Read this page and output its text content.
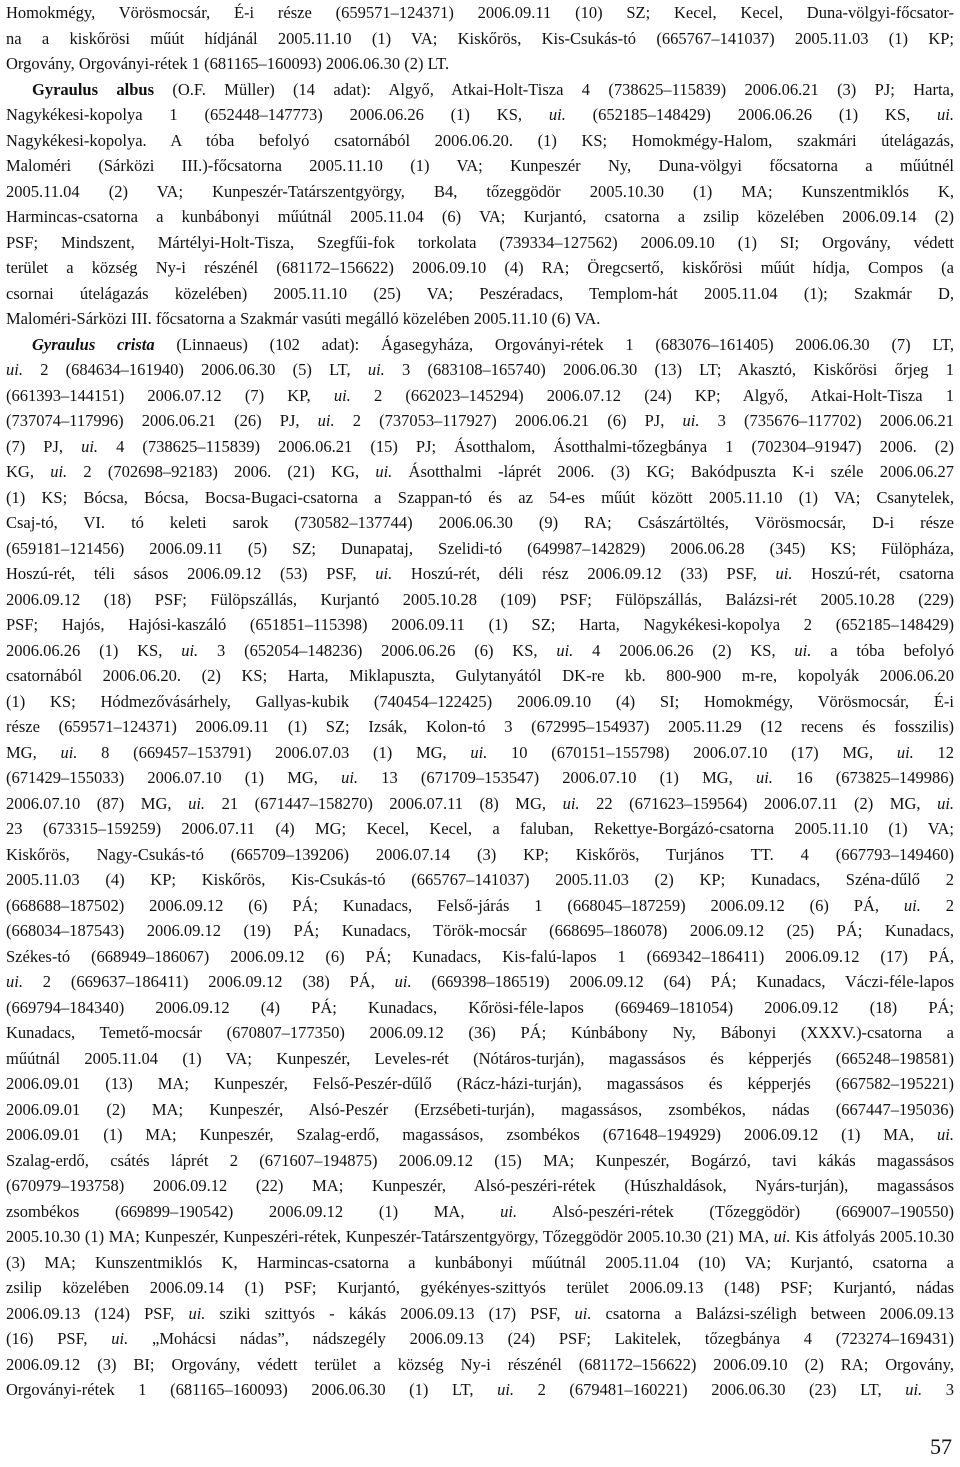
Homokmégy, Vörösmocsár, É-i része (659571–124371) 2006.09.11 (10) SZ; Kecel, Kecel, Duna-völgyi-főcsator-
na a kiskőrösi műút hídjánál 2005.11.10 (1) VA; Kiskőrös, Kis-Csukás-tó (665767–141037) 2005.11.03 (1) KP;
Orgovány, Orgoványi-rétek 1 (681165–160093) 2006.06.30 (2) LT.
Gyraulus albus (O.F. Müller) (14 adat): Algyő, Atkai-Holt-Tisza 4 (738625–115839) 2006.06.21 (3) PJ; Harta,
Nagykékesi-kopolya 1 (652448–147773) 2006.06.26 (1) KS, ui. (652185–148429) 2006.06.26 (1) KS, ui.
Nagykékesi-kopolya. A tóba befolyó csatornából 2006.06.20. (1) KS; Homokmégy-Halom, szakmári útelágazás,
Maloméri (Sárközi III.)-főcsatorna 2005.11.10 (1) VA; Kunpeszér Ny, Duna-völgyi főcsatorna a műútnél
2005.11.04 (2) VA; Kunpeszér-Tatárszentgyörgy, B4, tőzeggödör 2005.10.30 (1) MA; Kunszentmiklós K,
Harmincas-csatorna a kunbábonyi műútnál 2005.11.04 (6) VA; Kurjantó, csatorna a zsilip közelében 2006.09.14 (2)
PSF; Mindszent, Mártélyi-Holt-Tisza, Szegfűi-fok torkolata (739334–127562) 2006.09.10 (1) SI; Orgovány, védett
terület a község Ny-i részénél (681172–156622) 2006.09.10 (4) RA; Öregcsertő, kiskőrösi műút hídja, Compos (a
csornai útelágazás közelében) 2005.11.10 (25) VA; Peszéradacs, Templom-hát 2005.11.04 (1); Szakmár D,
Maloméri-Sárközi III. főcsatorna a Szakmár vasúti megálló közelében 2005.11.10 (6) VA.
Gyraulus crista (Linnaeus) (102 adat): Ágasegyháza, Orgoványi-rétek 1 (683076–161405) 2006.06.30 (7) LT,
ui. 2 (684634–161940) 2006.06.30 (5) LT, ui. 3 (683108–165740) 2006.06.30 (13) LT; Akasztó, Kiskőrösi őrjeg 1
(661393–144151) 2006.07.12 (7) KP, ui. 2 (662023–145294) 2006.07.12 (24) KP; Algyő, Atkai-Holt-Tisza 1
(737074–117996) 2006.06.21 (26) PJ, ui. 2 (737053–117927) 2006.06.21 (6) PJ, ui. 3 (735676–117702) 2006.06.21
(7) PJ, ui. 4 (738625–115839) 2006.06.21 (15) PJ; Ásotthalom, Ásotthalmi-tőzegbánya 1 (702304–91947) 2006. (2)
KG, ui. 2 (702698–92183) 2006. (21) KG, ui. Ásotthalmi -láprét 2006. (3) KG; Bakódpuszta K-i széle 2006.06.27
(1) KS; Bócsa, Bócsa, Bocsa-Bugaci-csatorna a Szappan-tó és az 54-es műút között 2005.11.10 (1) VA; Csanytelek,
Csaj-tó, VI. tó keleti sarok (730582–137744) 2006.06.30 (9) RA; Császártöltés, Vörösmocsár, D-i része
(659181–121456) 2006.09.11 (5) SZ; Dunapataj, Szelidi-tó (649987–142829) 2006.06.28 (345) KS; Fülöpháza,
Hoszú-rét, téli sásos 2006.09.12 (53) PSF, ui. Hoszú-rét, déli rész 2006.09.12 (33) PSF, ui. Hoszú-rét, csatorna
2006.09.12 (18) PSF; Fülöpszállás, Kurjantó 2005.10.28 (109) PSF; Fülöpszállás, Balázsi-rét 2005.10.28 (229)
PSF; Hajós, Hajósi-kaszáló (651851–115398) 2006.09.11 (1) SZ; Harta, Nagykékesi-kopolya 2 (652185–148429)
2006.06.26 (1) KS, ui. 3 (652054–148236) 2006.06.26 (6) KS, ui. 4 2006.06.26 (2) KS, ui. a tóba befolyó
csatornából 2006.06.20. (2) KS; Harta, Miklapuszta, Gulytanyától DK-re kb. 800-900 m-re, kopolyák 2006.06.20
(1) KS; Hódmezővásárhely, Gallyas-kubik (740454–122425) 2006.09.10 (4) SI; Homokmégy, Vörösmocsár, É-i
része (659571–124371) 2006.09.11 (1) SZ; Izsák, Kolon-tó 3 (672995–154937) 2005.11.29 (12 recens és fosszilis)
MG, ui. 8 (669457–153791) 2006.07.03 (1) MG, ui. 10 (670151–155798) 2006.07.10 (17) MG, ui. 12
(671429–155033) 2006.07.10 (1) MG, ui. 13 (671709–153547) 2006.07.10 (1) MG, ui. 16 (673825–149986)
2006.07.10 (87) MG, ui. 21 (671447–158270) 2006.07.11 (8) MG, ui. 22 (671623–159564) 2006.07.11 (2) MG, ui.
23 (673315–159259) 2006.07.11 (4) MG; Kecel, Kecel, a faluban, Rekettye-Borgázó-csatorna 2005.11.10 (1) VA;
Kiskőrös, Nagy-Csukás-tó (665709–139206) 2006.07.14 (3) KP; Kiskőrös, Turjános TT. 4 (667793–149460)
2005.11.03 (4) KP; Kiskőrös, Kis-Csukás-tó (665767–141037) 2005.11.03 (2) KP; Kunadacs, Széna-dűlő 2
(668688–187502) 2006.09.12 (6) PÁ; Kunadacs, Felső-járás 1 (668045–187259) 2006.09.12 (6) PÁ, ui. 2
(668034–187543) 2006.09.12 (19) PÁ; Kunadacs, Török-mocsár (668695–186078) 2006.09.12 (25) PÁ; Kunadacs,
Székes-tó (668949–186067) 2006.09.12 (6) PÁ; Kunadacs, Kis-falú-lapos 1 (669342–186411) 2006.09.12 (17) PÁ,
ui. 2 (669637–186411) 2006.09.12 (38) PÁ, ui. (669398–186519) 2006.09.12 (64) PÁ; Kunadacs, Váczi-féle-lapos
(669794–184340) 2006.09.12 (4) PÁ; Kunadacs, Kőrösi-féle-lapos (669469–181054) 2006.09.12 (18) PÁ;
Kunadacs, Temető-mocsár (670807–177350) 2006.09.12 (36) PÁ; Kúnbábony Ny, Bábonyi (XXXV.)-csatorna a
műútnál 2005.11.04 (1) VA; Kunpeszér, Leveles-rét (Nótáros-turján), magassásos és képperjés (665248–198581)
2006.09.01 (13) MA; Kunpeszér, Felső-Peszér-dűlő (Rácz-házi-turján), magassásos és képperjés (667582–195221)
2006.09.01 (2) MA; Kunpeszér, Alsó-Peszér (Erzsébeti-turján), magassásos, zsombékos, nádas (667447–195036)
2006.09.01 (1) MA; Kunpeszér, Szalag-erdő, magassásos, zsombékos (671648–194929) 2006.09.12 (1) MA, ui.
Szalag-erdő, csátés láprét 2 (671607–194875) 2006.09.12 (15) MA; Kunpeszér, Bogárzó, tavi kákás magassásos
(670979–193758) 2006.09.12 (22) MA; Kunpeszér, Alsó-peszéri-rétek (Húszhaldások, Nyárs-turján), magassásos
zsombékos (669899–190542) 2006.09.12 (1) MA, ui. Alsó-peszéri-rétek (Tőzeggödör) (669007–190550)
2005.10.30 (1) MA; Kunpeszér, Kunpeszéri-rétek, Kunpeszér-Tatárszentgyörgy, Tőzeggödör 2005.10.30 (21) MA, ui. Kis átfolyás 2005.10.30
(3) MA; Kunszentmiklós K, Harmincas-csatorna a kunbábonyi műútnál 2005.11.04 (10) VA; Kurjantó, csatorna a
zsilip közelében 2006.09.14 (1) PSF; Kurjantó, gyékényes-szittyós terület 2006.09.13 (148) PSF; Kurjantó, nádas
2006.09.13 (124) PSF, ui. sziki szittyós - kákás 2006.09.13 (17) PSF, ui. csatorna a Balázsi-széligh between 2006.09.13
(16) PSF, ui. „Mohácsi nádas”, nádszegély 2006.09.13 (24) PSF; Lakitelek, tőzegbánya 4 (723274–169431)
2006.09.12 (3) BI; Orgovány, védett terület a község Ny-i részénél (681172–156622) 2006.09.10 (2) RA; Orgovány,
Orgoványi-rétek 1 (681165–160093) 2006.06.30 (1) LT, ui. 2 (679481–160221) 2006.06.30 (23) LT, ui. 3
57
